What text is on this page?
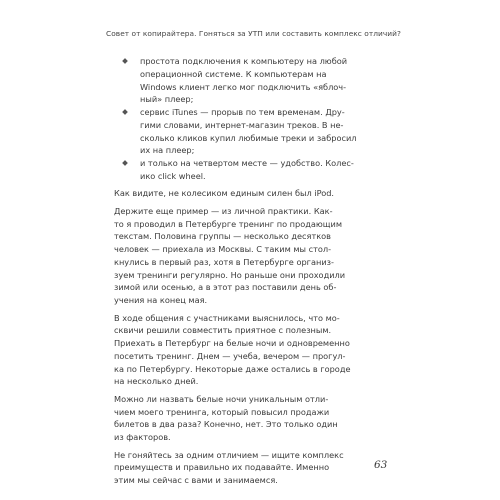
Совет от копирайтера. Гоняться за УТП или составить комплекс отличий?
простота подключения к компьютеру на любой
операционной системе. К компьютерам на
Windows клиент легко мог подключить «яблоч-
ный» плеер;
сервис iTunes — прорыв по тем временам. Дру-
гими словами, интернет-магазин треков. В не-
сколько кликов купил любимые треки и забросил
их на плеер;
и только на четвертом месте — удобство. Колес-
ико click wheel.
Как видите, не колесиком единым силен был iPod.
Держите еще пример — из личной практики. Как-
то я проводил в Петербурге тренинг по продающим
текстам. Половина группы — несколько десятков
человек — приехала из Москвы. С таким мы стол-
кнулись в первый раз, хотя в Петербурге организ-
зуем тренинги регулярно. Но раньше они проходили
зимой или осенью, а в этот раз поставили день об-
учения на конец мая.
В ходе общения с участниками выяснилось, что мо-
сквичи решили совместить приятное с полезным.
Приехать в Петербург на белые ночи и одновременно
посетить тренинг. Днем — учеба, вечером — прогул-
ка по Петербургу. Некоторые даже остались в городе
на несколько дней.
Можно ли назвать белые ночи уникальным отли-
чием моего тренинга, который повысил продажи
билетов в два раза? Конечно, нет. Это только один
из факторов.
Не гоняйтесь за одним отличием — ищите комплекс
преимуществ и правильно их подавайте. Именно
этим мы сейчас с вами и занимаемся.
63
